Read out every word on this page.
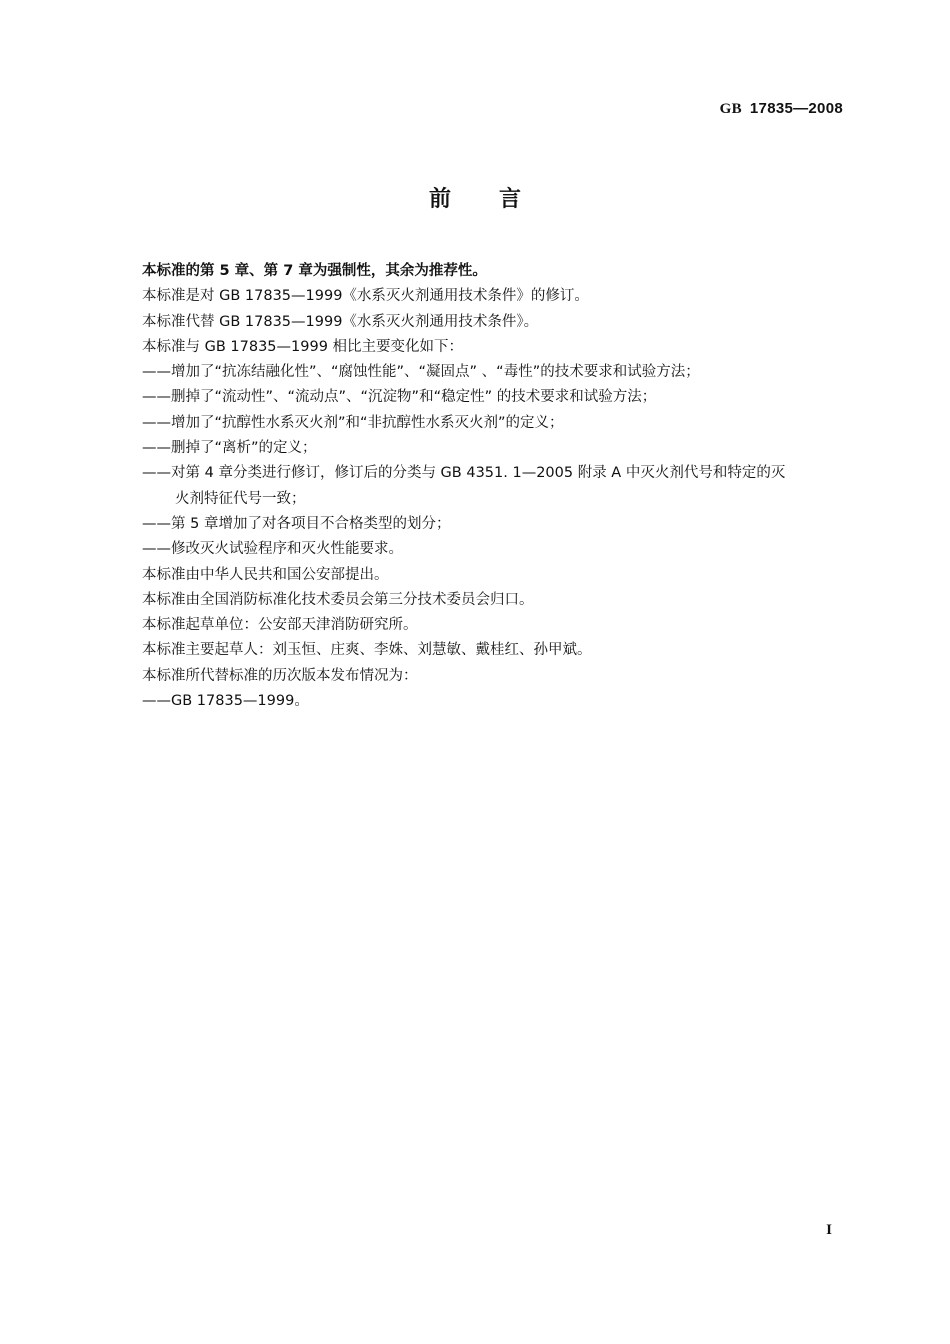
GB 17835—2008
前 言
本标准的第 5 章、第 7 章为强制性，其余为推荐性。
本标准是对 GB 17835—1999《水系灭火剂通用技术条件》的修订。
本标准代替 GB 17835—1999《水系灭火剂通用技术条件》。
本标准与 GB 17835—1999 相比主要变化如下：
——增加了“抗冻结融化性”、“腐蚀性能”、“凝固点” 、“毒性”的技术要求和试验方法；
——删掉了“流动性”、“流动点”、“沉淀物”和“稳定性” 的技术要求和试验方法；
——增加了“抗醇性水系灭火剂”和“非抗醇性水系灭火剂”的定义；
——删掉了“离析”的定义；
——对第 4 章分类进行修订，修订后的分类与 GB 4351. 1—2005 附录 A 中灭火剂代号和特定的灭
火剂特征代号一致；
——第 5 章增加了对各项目不合格类型的划分；
——修改灭火试验程序和灭火性能要求。
本标准由中华人民共和国公安部提出。
本标准由全国消防标准化技术委员会第三分技术委员会归口。
本标准起草单位：公安部天津消防研究所。
本标准主要起草人：刘玉恒、庄爽、李姝、刘慧敏、戴桂红、孙甲斌。
本标准所代替标准的历次版本发布情况为：
——GB 17835—1999。
I
